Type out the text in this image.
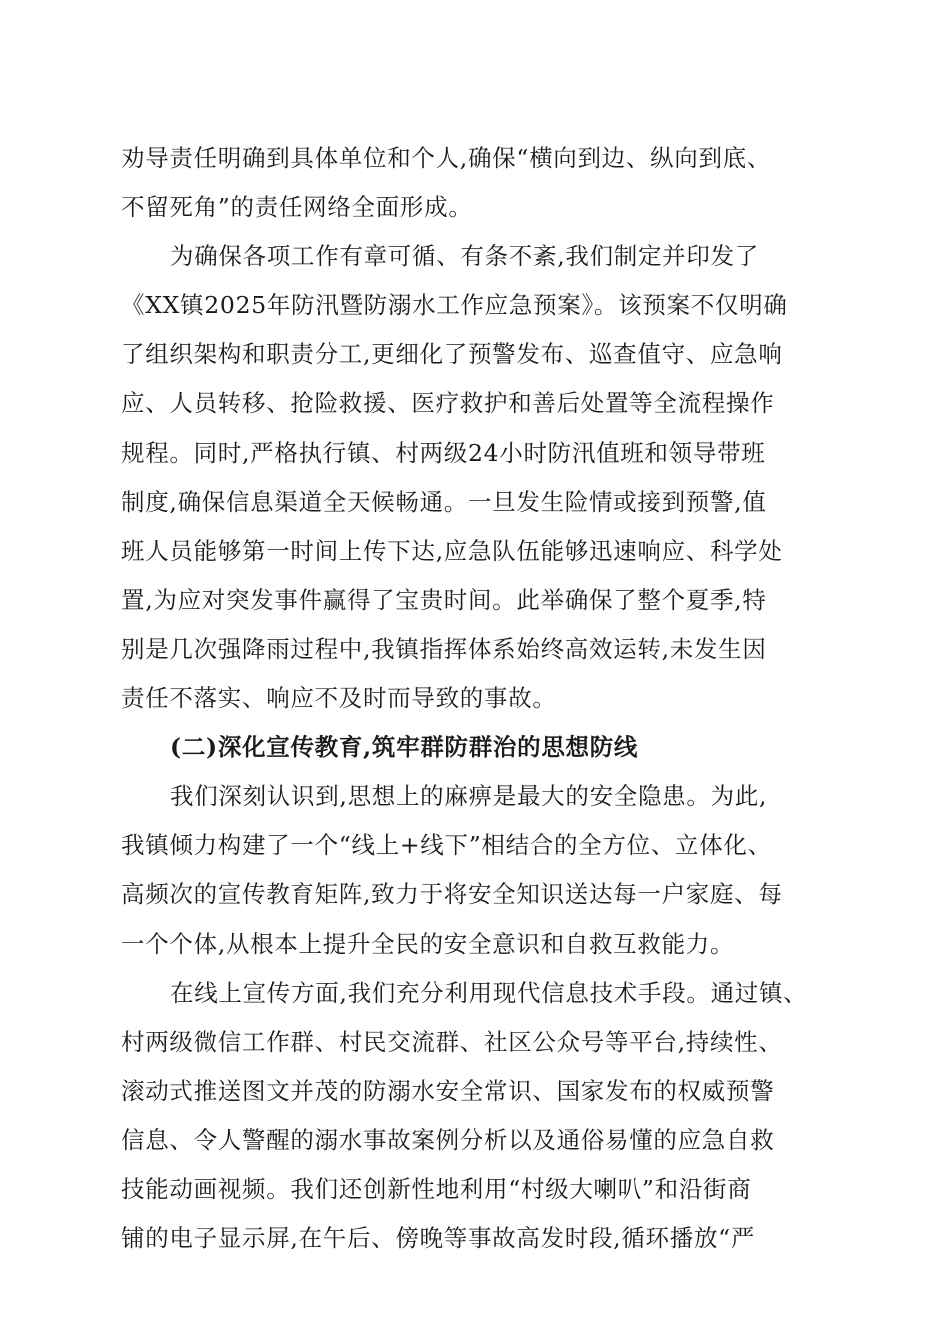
劝导责任明确到具体单位和个人,确保“横向到边、纵向到底、
不留死角”的责任网络全面形成。
为确保各项工作有章可循、有条不紊,我们制定并印发了
《XX镇2025年防汛暨防溺水工作应急预案》。该预案不仅明确
了组织架构和职责分工,更细化了预警发布、巡查值守、应急响
应、人员转移、抢险救援、医疗救护和善后处置等全流程操作
规程。同时,严格执行镇、村两级24小时防汛值班和领导带班
制度,确保信息渠道全天候畅通。一旦发生险情或接到预警,值
班人员能够第一时间上传下达,应急队伍能够迅速响应、科学处
置,为应对突发事件赢得了宝贵时间。此举确保了整个夏季,特
别是几次强降雨过程中,我镇指挥体系始终高效运转,未发生因
责任不落实、响应不及时而导致的事故。
(二)深化宣传教育,筑牢群防群治的思想防线
我们深刻认识到,思想上的麻痹是最大的安全隐患。为此,
我镇倾力构建了一个“线上+线下”相结合的全方位、立体化、
高频次的宣传教育矩阵,致力于将安全知识送达每一户家庭、每
一个个体,从根本上提升全民的安全意识和自救互救能力。
在线上宣传方面,我们充分利用现代信息技术手段。通过镇、
村两级微信工作群、村民交流群、社区公众号等平台,持续性、
滚动式推送图文并茂的防溺水安全常识、国家发布的权威预警
信息、令人警醒的溺水事故案例分析以及通俗易懂的应急自救
技能动画视频。我们还创新性地利用“村级大喇叭”和沿街商
铺的电子显示屏,在午后、傍晚等事故高发时段,循环播放“严
